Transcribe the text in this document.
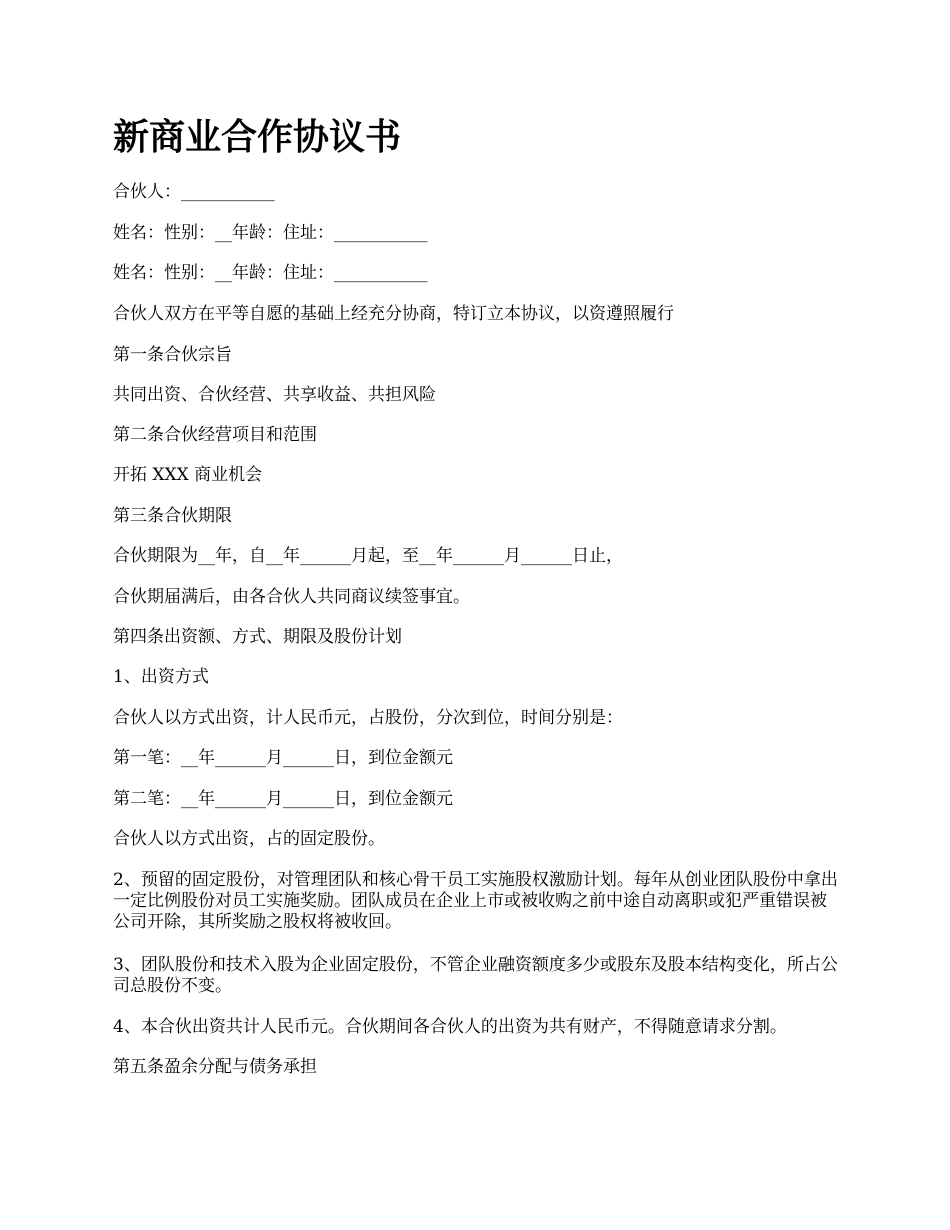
新商业合作协议书

合伙人：___________

姓名：性别：__年龄：住址：___________

姓名：性别：__年龄：住址：___________

合伙人双方在平等自愿的基础上经充分协商，特订立本协议，以资遵照履行

第一条合伙宗旨

共同出资、合伙经营、共享收益、共担风险

第二条合伙经营项目和范围

开拓 XXX 商业机会

第三条合伙期限

合伙期限为__年，自__年______月起，至__年______月______日止，

合伙期届满后，由各合伙人共同商议续签事宜。

第四条出资额、方式、期限及股份计划

1、出资方式

合伙人以方式出资，计人民币元，占股份，分次到位，时间分别是：

第一笔：__年______月______日，到位金额元

第二笔：__年______月______日，到位金额元

合伙人以方式出资，占的固定股份。

2、预留的固定股份，对管理团队和核心骨干员工实施股权激励计划。每年从创业团队股份中拿出一定比例股份对员工实施奖励。团队成员在企业上市或被收购之前中途自动离职或犯严重错误被公司开除，其所奖励之股权将被收回。

3、团队股份和技术入股为企业固定股份，不管企业融资额度多少或股东及股本结构变化，所占公司总股份不变。

4、本合伙出资共计人民币元。合伙期间各合伙人的出资为共有财产，不得随意请求分割。

第五条盈余分配与债务承担
